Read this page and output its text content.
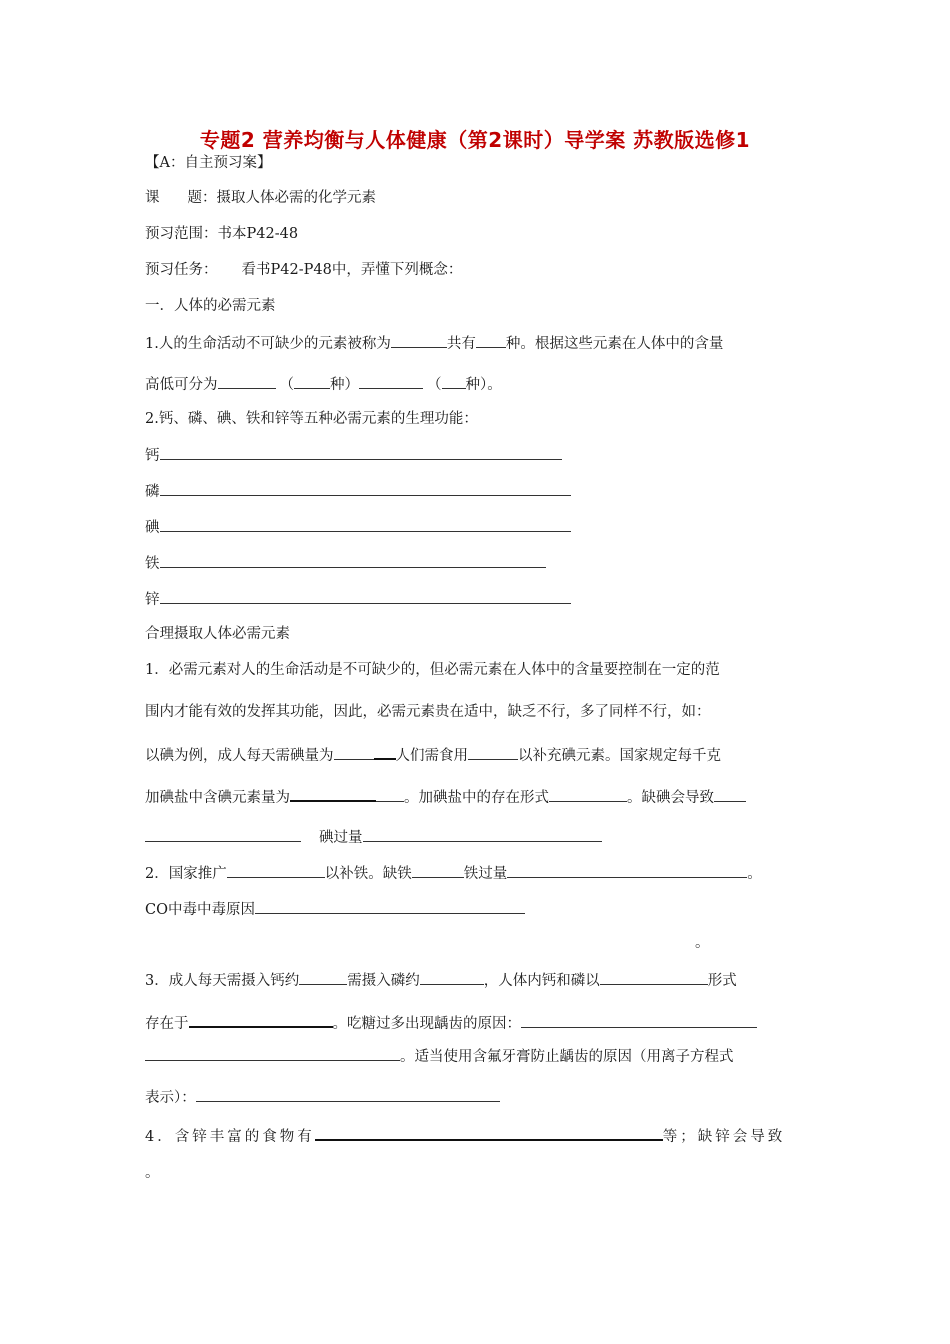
专题2 营养均衡与人体健康（第2课时）导学案 苏教版选修1
【A：自主预习案】
课 题：摄取人体必需的化学元素
预习范围：书本P42-48
预习任务： 看书P42-P48中，弄懂下列概念：
一．人体的必需元素
1.人的生命活动不可缺少的元素被称为	共有 种。根据这些元素在人体中的含量
高低可分为	（ 种）	（ 种）。
2.钙、磷、碘、铁和锌等五种必需元素的生理功能：
钙
磷
碘
铁
锌
合理摄取人体必需元素
1．必需元素对人的生命活动是不可缺少的，但必需元素在人体中的含量要控制在一定的范
围内才能有效的发挥其功能，因此，必需元素贵在适中，缺乏不行，多了同样不行，如：
以碘为例，成人每天需碘量为	人们需食用	以补充碘元素。国家规定每千克
加碘盐中含碘元素量为	。加碘盐中的存在形式	。缺碘会导致
碘过量
2．国家推广	以补铁。缺铁	铁过量	。
CO中毒中毒原因
。
3．成人每天需摄入钙约	需摄入磷约	，人体内钙和磷以	形式
存在于	。吃糖过多出现龋齿的原因：
。适当使用含氟牙膏防止龋齿的原因（用离子方程式
表示）：
4．含锌丰富的食物有	等；缺锌会导致
。
